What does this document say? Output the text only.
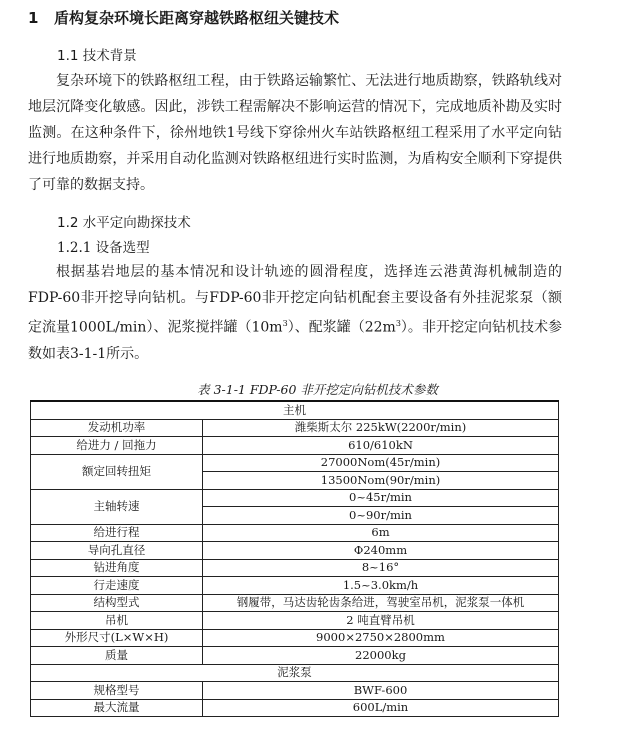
1 盾构复杂环境长距离穿越铁路枢纽关键技术
1.1 技术背景

复杂环境下的铁路枢纽工程，由于铁路运输繁忙、无法进行地质勘察，铁路轨线对地层沉降变化敏感。因此，涉铁工程需解决不影响运营的情况下，完成地质补勘及实时监测。在这种条件下，徐州地铁1号线下穿徐州火车站铁路枢纽工程采用了水平定向钻进行地质勘察，并采用自动化监测对铁路枢纽进行实时监测，为盾构安全顺利下穿提供了可靠的数据支持。

1.2 水平定向勘探技术
1.2.1 设备选型

根据基岩地层的基本情况和设计轨迹的圆滑程度，选择连云港黄海机械制造的FDP-60非开挖导向钻机。与FDP-60非开挖定向钻机配套主要设备有外挂泥浆泵（额定流量1000L/min）、泥浆搅拌罐$(10m^3)$、配浆罐$(22m^3)$。非开挖定向钻机技术参数如表3-1-1所示。

表 3-1-1 FDP-60 非开挖定向钻机技术参数
主机	
发动机功率	潍柴斯太尔 225kW(2200r/min)
给进力 / 回拖力	610/610kN
额定回转扭矩	27000Nom(45r/min)
	13500Nom(90r/min)
主轴转速	0~45r/min
	0~90r/min
给进行程	6m
导向孔直径	Φ240mm
钻进角度	8~16°
行走速度	1.5~3.0km/h
结构型式	钢履带，马达齿轮齿条给进，驾驶室吊机，泥浆泵一体机
吊机	2 吨直臂吊机
外形尺寸(L×W×H)	9000×2750×2800mm
质量	22000kg
泥浆泵	
规格型号	BWF-600
最大流量	600L/min
